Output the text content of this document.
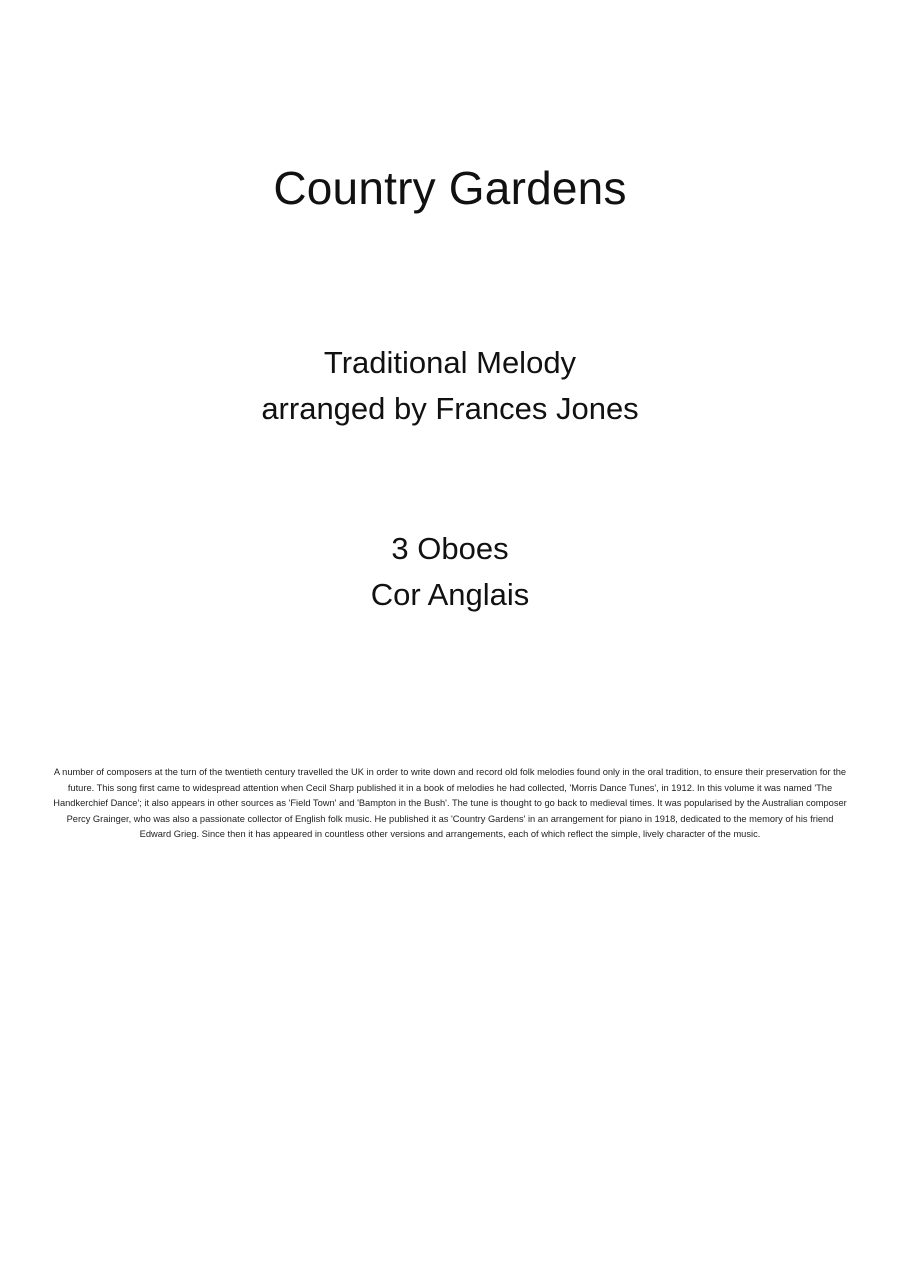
Country Gardens
Traditional Melody
arranged by Frances Jones
3 Oboes
Cor Anglais
A number of composers at the turn of the twentieth century travelled the UK in order to write down and record old folk melodies found only in the oral tradition, to ensure their preservation for the future. This song first came to widespread attention when Cecil Sharp published it in a book of melodies he had collected, 'Morris Dance Tunes', in 1912. In this volume it was named 'The Handkerchief Dance'; it also appears in other sources as 'Field Town' and 'Bampton in the Bush'. The tune is thought to go back to medieval times. It was popularised by the Australian composer Percy Grainger, who was also a passionate collector of English folk music. He published it as 'Country Gardens' in an arrangement for piano in 1918, dedicated to the memory of his friend Edward Grieg. Since then it has appeared in countless other versions and arrangements, each of which reflect the simple, lively character of the music.
